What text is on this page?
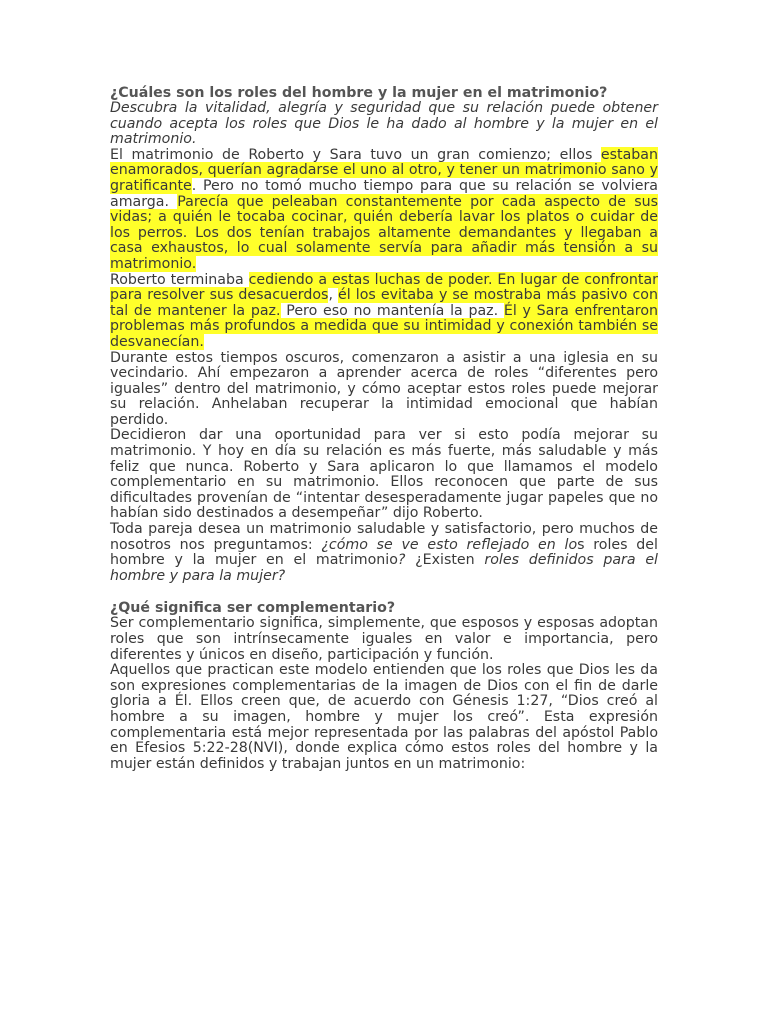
¿Cuáles son los roles del hombre y la mujer en el matrimonio?

Descubra la vitalidad, alegría y seguridad que su relación puede obtener cuando acepta los roles que Dios le ha dado al hombre y la mujer en el matrimonio.

El matrimonio de Roberto y Sara tuvo un gran comienzo; ellos estaban enamorados, querían agradarse el uno al otro, y tener un matrimonio sano y gratificante. Pero no tomó mucho tiempo para que su relación se volviera amarga. Parecía que peleaban constantemente por cada aspecto de sus vidas; a quién le tocaba cocinar, quién debería lavar los platos o cuidar de los perros. Los dos tenían trabajos altamente demandantes y llegaban a casa exhaustos, lo cual solamente servía para añadir más tensión a su matrimonio.

Roberto terminaba cediendo a estas luchas de poder. En lugar de confrontar para resolver sus desacuerdos, él los evitaba y se mostraba más pasivo con tal de mantener la paz. Pero eso no mantenía la paz. Él y Sara enfrentaron problemas más profundos a medida que su intimidad y conexión también se desvanecían.

Durante estos tiempos oscuros, comenzaron a asistir a una iglesia en su vecindario. Ahí empezaron a aprender acerca de roles “diferentes pero iguales” dentro del matrimonio, y cómo aceptar estos roles puede mejorar su relación. Anhelaban recuperar la intimidad emocional que habían perdido.

Decidieron dar una oportunidad para ver si esto podía mejorar su matrimonio. Y hoy en día su relación es más fuerte, más saludable y más feliz que nunca. Roberto y Sara aplicaron lo que llamamos el modelo complementario en su matrimonio. Ellos reconocen que parte de sus dificultades provenían de “intentar desesperadamente jugar papeles que no habían sido destinados a desempeñar” dijo Roberto.

Toda pareja desea un matrimonio saludable y satisfactorio, pero muchos de nosotros nos preguntamos: ¿cómo se ve esto reflejado en los roles del hombre y la mujer en el matrimonio? ¿Existen roles definidos para el hombre y para la mujer?

¿Qué significa ser complementario?

Ser complementario significa, simplemente, que esposos y esposas adoptan roles que son intrínsecamente iguales en valor e importancia, pero diferentes y únicos en diseño, participación y función.

Aquellos que practican este modelo entienden que los roles que Dios les da son expresiones complementarias de la imagen de Dios con el fin de darle gloria a Él. Ellos creen que, de acuerdo con Génesis 1:27, “Dios creó al hombre a su imagen, hombre y mujer los creó”. Esta expresión complementaria está mejor representada por las palabras del apóstol Pablo en Efesios 5:22-28(NVI), donde explica cómo estos roles del hombre y la mujer están definidos y trabajan juntos en un matrimonio:
